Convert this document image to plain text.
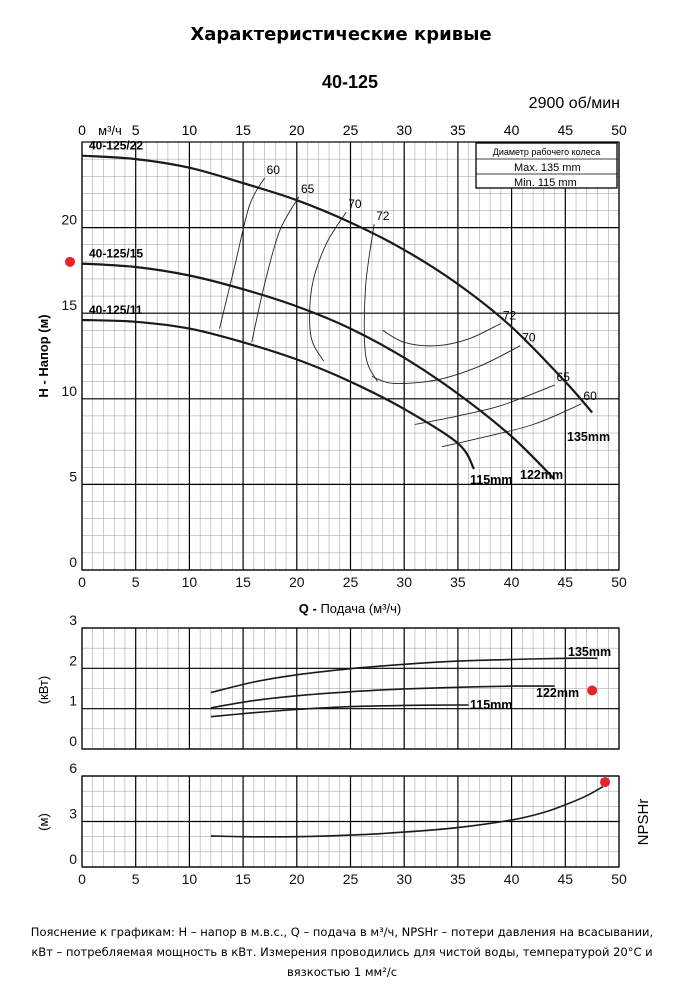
Характеристические кривые
0
5
10
15
20
0	5	10	15	20	25	30	35	40	45	50
40-125
2900 об/мин
0	5	10	15	20	25	30	35	40	45	50
м³/ч
Q - Подача (м³/ч)
H - Напор (м)
60
65
70
72
72
70
65
60
40-125/22
40-125/15
40-125/11
135mm
122mm
115mm
Диаметр рабочего колеса
Max. 135 mm
Min. 115 mm
0
1
2
3
(кВт)
135mm
122mm
115mm
0
3
6
0	5	10	15	20	25	30	35	40	45	50
(м)	NPSHr
Пояснение к графикам: H – напор в м.в.с., Q – подача в м³/ч, NPSHr – потери давления на всасывании, кВт – потребляемая мощность в кВт. Измерения проводились для чистой воды, температурой 20°C и вязкостью 1 мм²/с
